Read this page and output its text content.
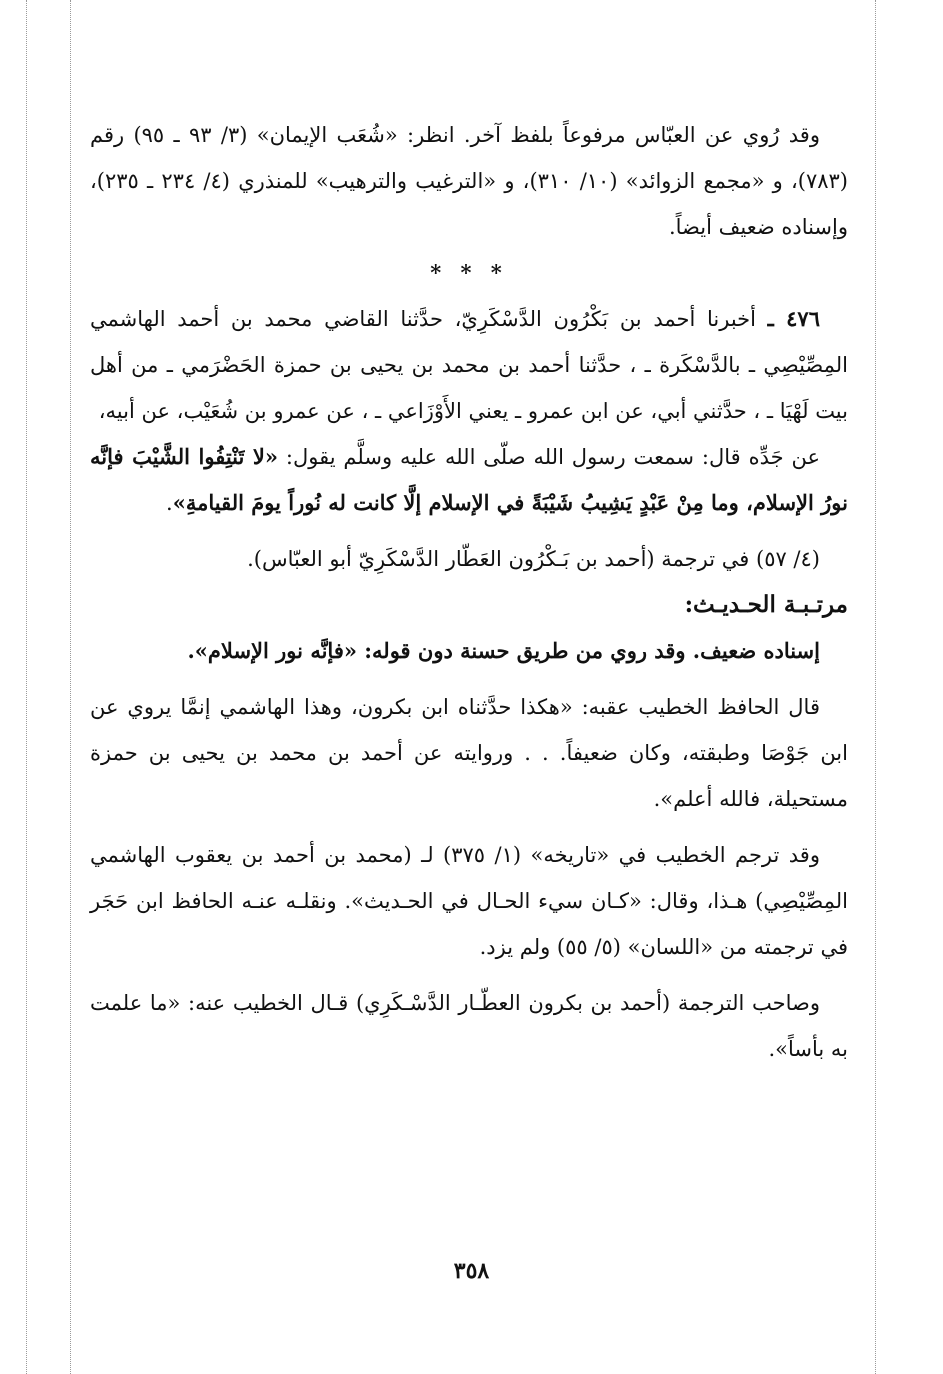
وقد رُوي عن العبّاس مرفوعاً بلفظ آخر. انظر: «شُعَب الإيمان» (٣/ ٩٣ ـ ٩٥) رقم (٧٨٣)، و «مجمع الزوائد» (١٠/ ٣١٠)، و «الترغيب والترهيب» للمنذري (٤/ ٢٣٤ ـ ٢٣٥)، وإسناده ضعيف أيضاً.

* * *

٤٧٦ ـ أخبرنا أحمد بن بَكْرُون الدَّسْكَرِيّ، حدَّثنا القاضي محمد بن أحمد الهاشمي المِصِّيْصِي ـ بالدَّسْكَرة ـ ، حدَّثنا أحمد بن محمد بن يحيى بن حمزة الحَضْرَمي ـ من أهل بيت لَهْيَا ـ ، حدَّثني أبي، عن ابن عمرو ـ يعني الأَوْزَاعي ـ ، عن عمرو بن شُعَيْب، عن أبيه،

عن جَدِّه قال: سمعت رسول الله صلّى الله عليه وسلَّم يقول: «لا تَنْتِفُوا الشَّيْبَ فإنَّه نورُ الإسلام، وما مِنْ عَبْدٍ يَشِيبُ شَيْبَةً في الإسلام إلَّا كانت له نُوراً يومَ القيامةِ».

(٤/ ٥٧) في ترجمة (أحمد بن بَـكْرُون العَطّار الدَّسْكَرِيّ أبو العبّاس).

مرتـبـة الحـديـث:

إسناده ضعيف. وقد روي من طريق حسنة دون قوله: «فإنَّه نور الإسلام».

قال الحافظ الخطيب عقبه: «هكذا حدَّثناه ابن بكرون، وهذا الهاشمي إنمَّا يروي عن ابن جَوْصَا وطبقته، وكان ضعيفاً. . . وروايته عن أحمد بن محمد بن يحيى بن حمزة مستحيلة، فالله أعلم».

وقد ترجم الخطيب في «تاريخه» (١/ ٣٧٥) لـ (محمد بن أحمد بن يعقوب الهاشمي المِصِّيْصِي) هـذا، وقال: «كـان سيء الحـال في الحـديث». ونقلـه عنـه الحافظ ابن حَجَر في ترجمته من «اللسان» (٥/ ٥٥) ولم يزد.

وصاحب الترجمة (أحمد بن بكرون العطّـار الدَّسْـكَرِي) قـال الخطيب عنه: «ما علمت به بأساً».

٣٥٨
